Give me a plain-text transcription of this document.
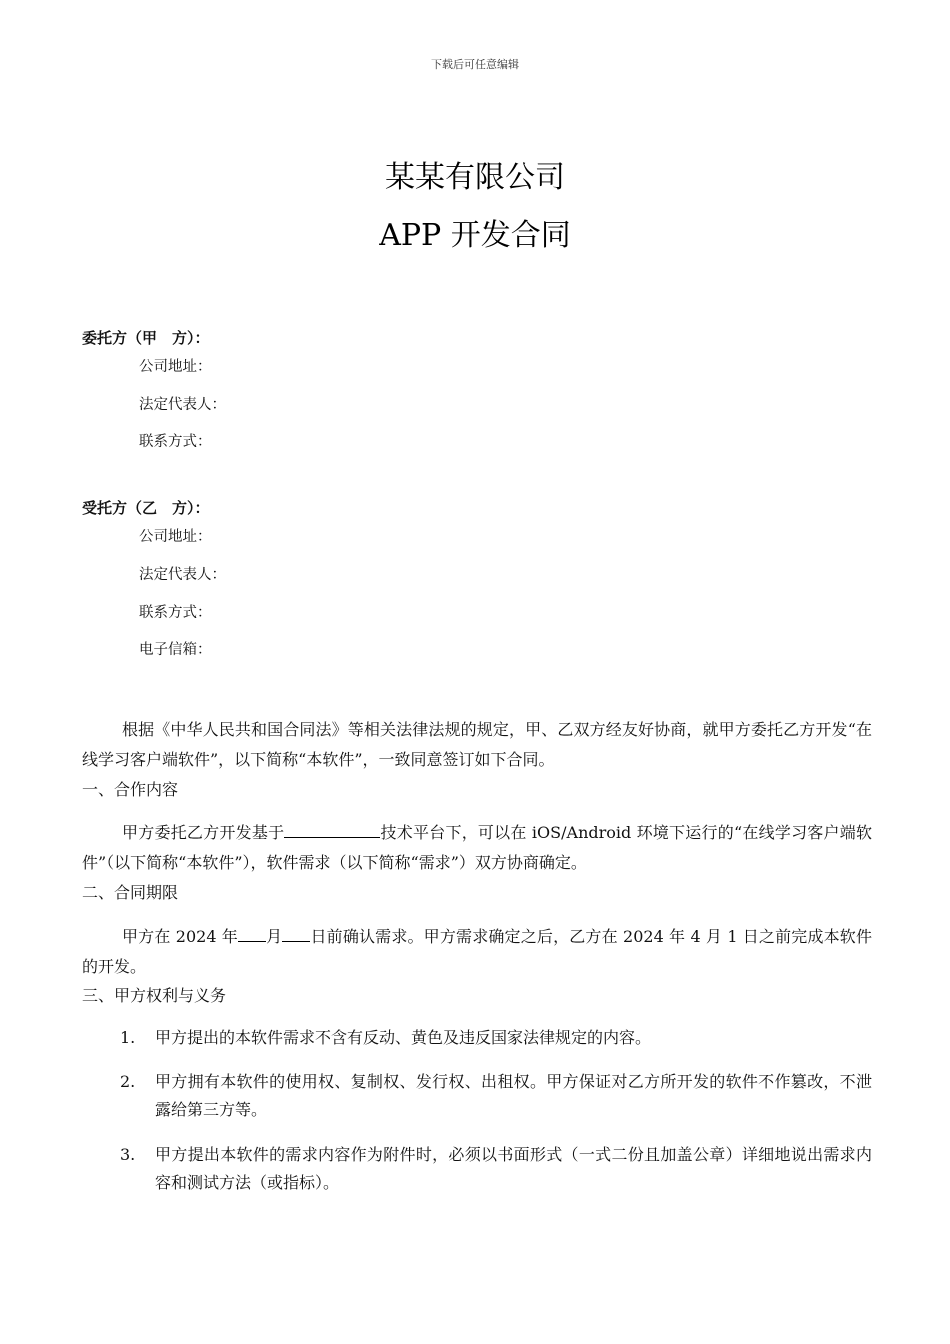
下载后可任意编辑
某某有限公司
APP 开发合同
委托方（甲　方）：
公司地址：
法定代表人：
联系方式：
受托方（乙　方）：
公司地址：
法定代表人：
联系方式：
电子信箱：
根据《中华人民共和国合同法》等相关法律法规的规定，甲、乙双方经友好协商，就甲方委托乙方开发“在线学习客户端软件”，以下简称“本软件”，一致同意签订如下合同。
一、合作内容
甲方委托乙方开发基于	技术平台下，可以在 iOS/Android 环境下运行的“在线学习客户端软件”（以下简称“本软件”），软件需求（以下简称“需求”）双方协商确定。
二、合同期限
甲方在 2024 年 月 日前确认需求。甲方需求确定之后，乙方在 2024 年 4 月 1 日之前完成本软件的开发。
三、甲方权利与义务
1.	甲方提出的本软件需求不含有反动、黄色及违反国家法律规定的内容。
2.	甲方拥有本软件的使用权、复制权、发行权、出租权。甲方保证对乙方所开发的软件不作篡改，不泄露给第三方等。
3.	甲方提出本软件的需求内容作为附件时，必须以书面形式（一式二份且加盖公章）详细地说出需求内容和测试方法（或指标）。
